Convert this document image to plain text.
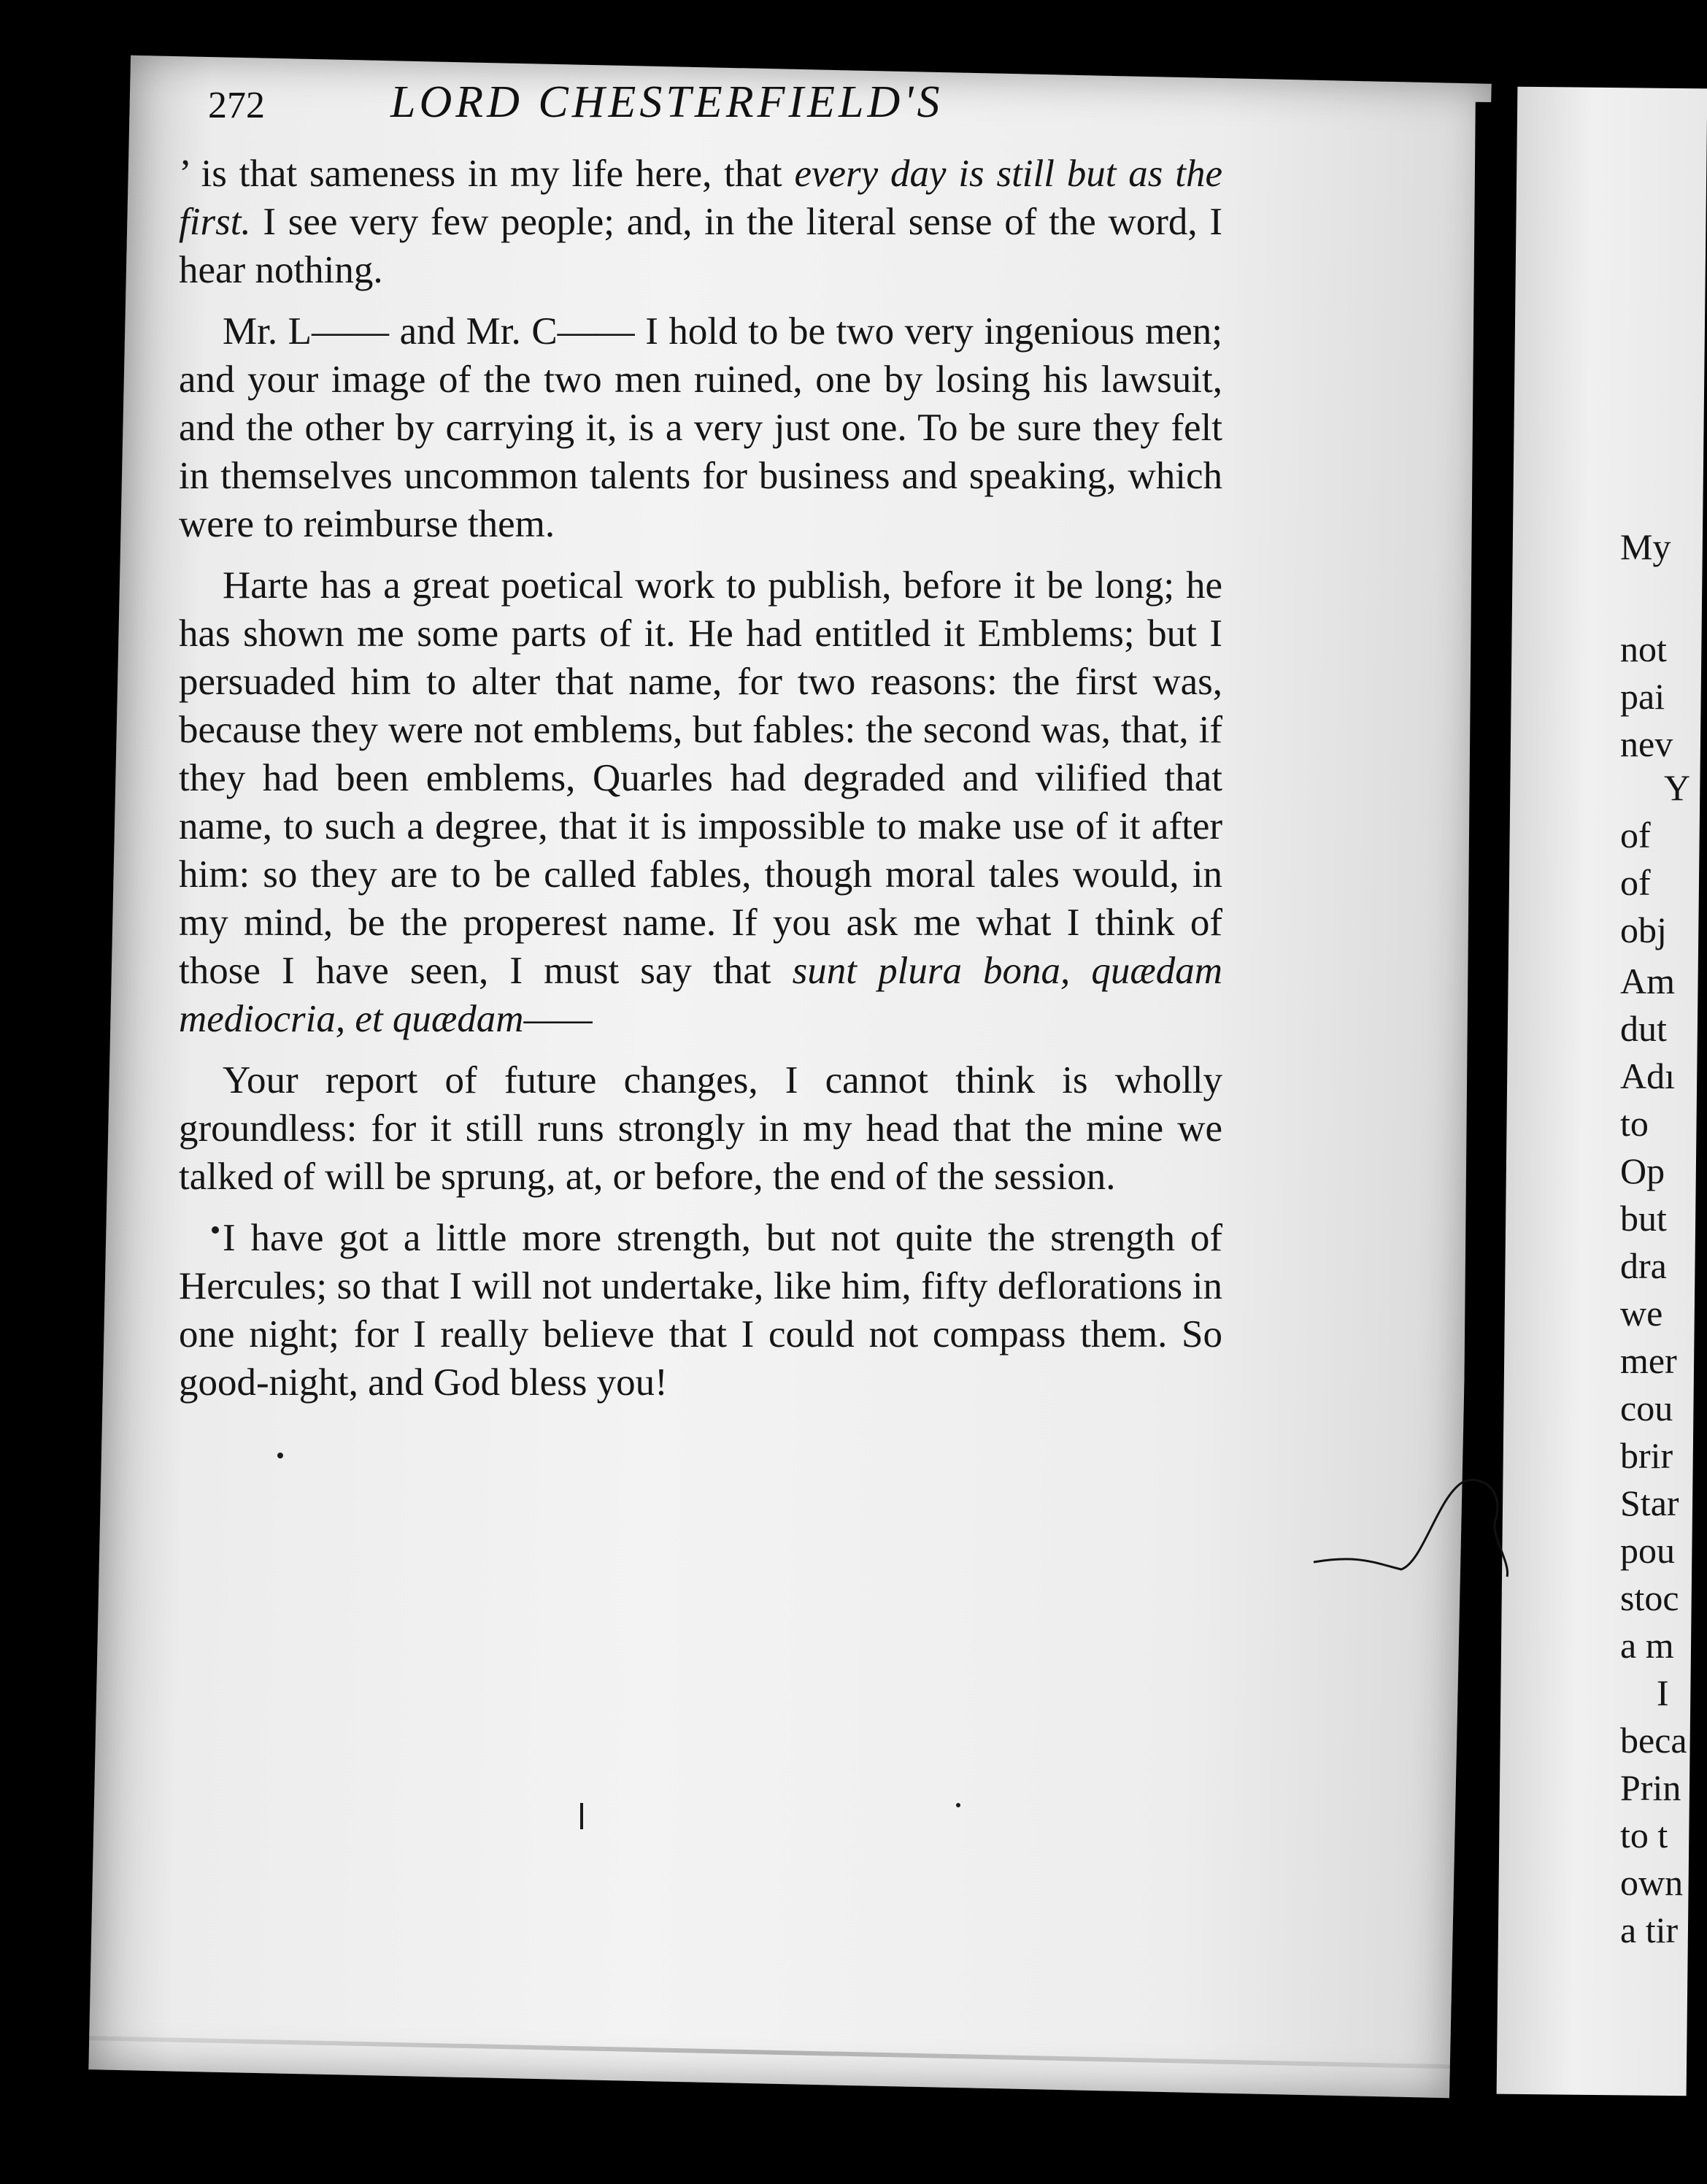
272	LORD CHESTERFIELD'S

’ is that sameness in my life here, that every day is still but as the first. I see very few people; and, in the literal sense of the word, I hear nothing.

Mr. L—— and Mr. C—— I hold to be two very ingenious men; and your image of the two men ruined, one by losing his lawsuit, and the other by carrying it, is a very just one. To be sure they felt in themselves uncommon talents for business and speaking, which were to reimburse them.

Harte has a great poetical work to publish, before it be long; he has shown me some parts of it. He had entitled it Emblems; but I persuaded him to alter that name, for two reasons: the first was, because they were not emblems, but fables: the second was, that, if they had been emblems, Quarles had degraded and vilified that name, to such a degree, that it is impossible to make use of it after him: so they are to be called fables, though moral tales would, in my mind, be the properest name. If you ask me what I think of those I have seen, I must say that sunt plura bona, quædam mediocria, et quædam——

Your report of future changes, I cannot think is wholly groundless: for it still runs strongly in my head that the mine we talked of will be sprung, at, or before, the end of the session.

I have got a little more strength, but not quite the strength of Hercules; so that I will not undertake, like him, fifty deflorations in one night; for I really believe that I could not compass them. So good-night, and God bless you!

My
not
pai
nev
Y
of
of
obj
Am
dut
Adı
to
Op
but
dra
we
mer
cou
brir
Star
pou
stoc
a m
I
beca
Prin
to t
own
a tir
